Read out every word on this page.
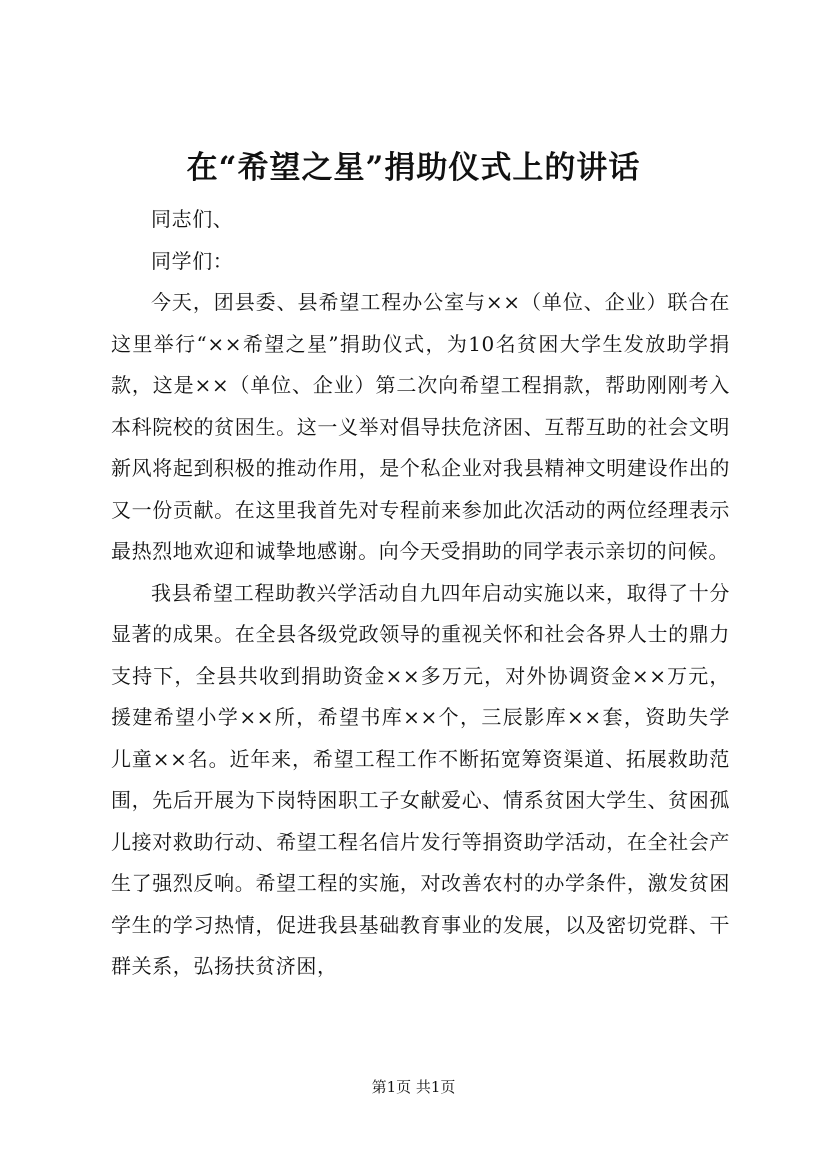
在“希望之星”捐助仪式上的讲话

同志们、

同学们：

今天，团县委、县希望工程办公室与××（单位、企业）联合在这里举行“××希望之星”捐助仪式，为10名贫困大学生发放助学捐款，这是××（单位、企业）第二次向希望工程捐款，帮助刚刚考入本科院校的贫困生。这一义举对倡导扶危济困、互帮互助的社会文明新风将起到积极的推动作用，是个私企业对我县精神文明建设作出的又一份贡献。在这里我首先对专程前来参加此次活动的两位经理表示最热烈地欢迎和诚挚地感谢。向今天受捐助的同学表示亲切的问候。

我县希望工程助教兴学活动自九四年启动实施以来，取得了十分显著的成果。在全县各级党政领导的重视关怀和社会各界人士的鼎力支持下，全县共收到捐助资金××多万元，对外协调资金××万元，援建希望小学××所，希望书库××个，三辰影库××套，资助失学儿童××名。近年来，希望工程工作不断拓宽筹资渠道、拓展救助范围，先后开展为下岗特困职工子女献爱心、情系贫困大学生、贫困孤儿接对救助行动、希望工程名信片发行等捐资助学活动，在全社会产生了强烈反响。希望工程的实施，对改善农村的办学条件，激发贫困学生的学习热情，促进我县基础教育事业的发展，以及密切党群、干群关系，弘扬扶贫济困，

第1页 共1页
